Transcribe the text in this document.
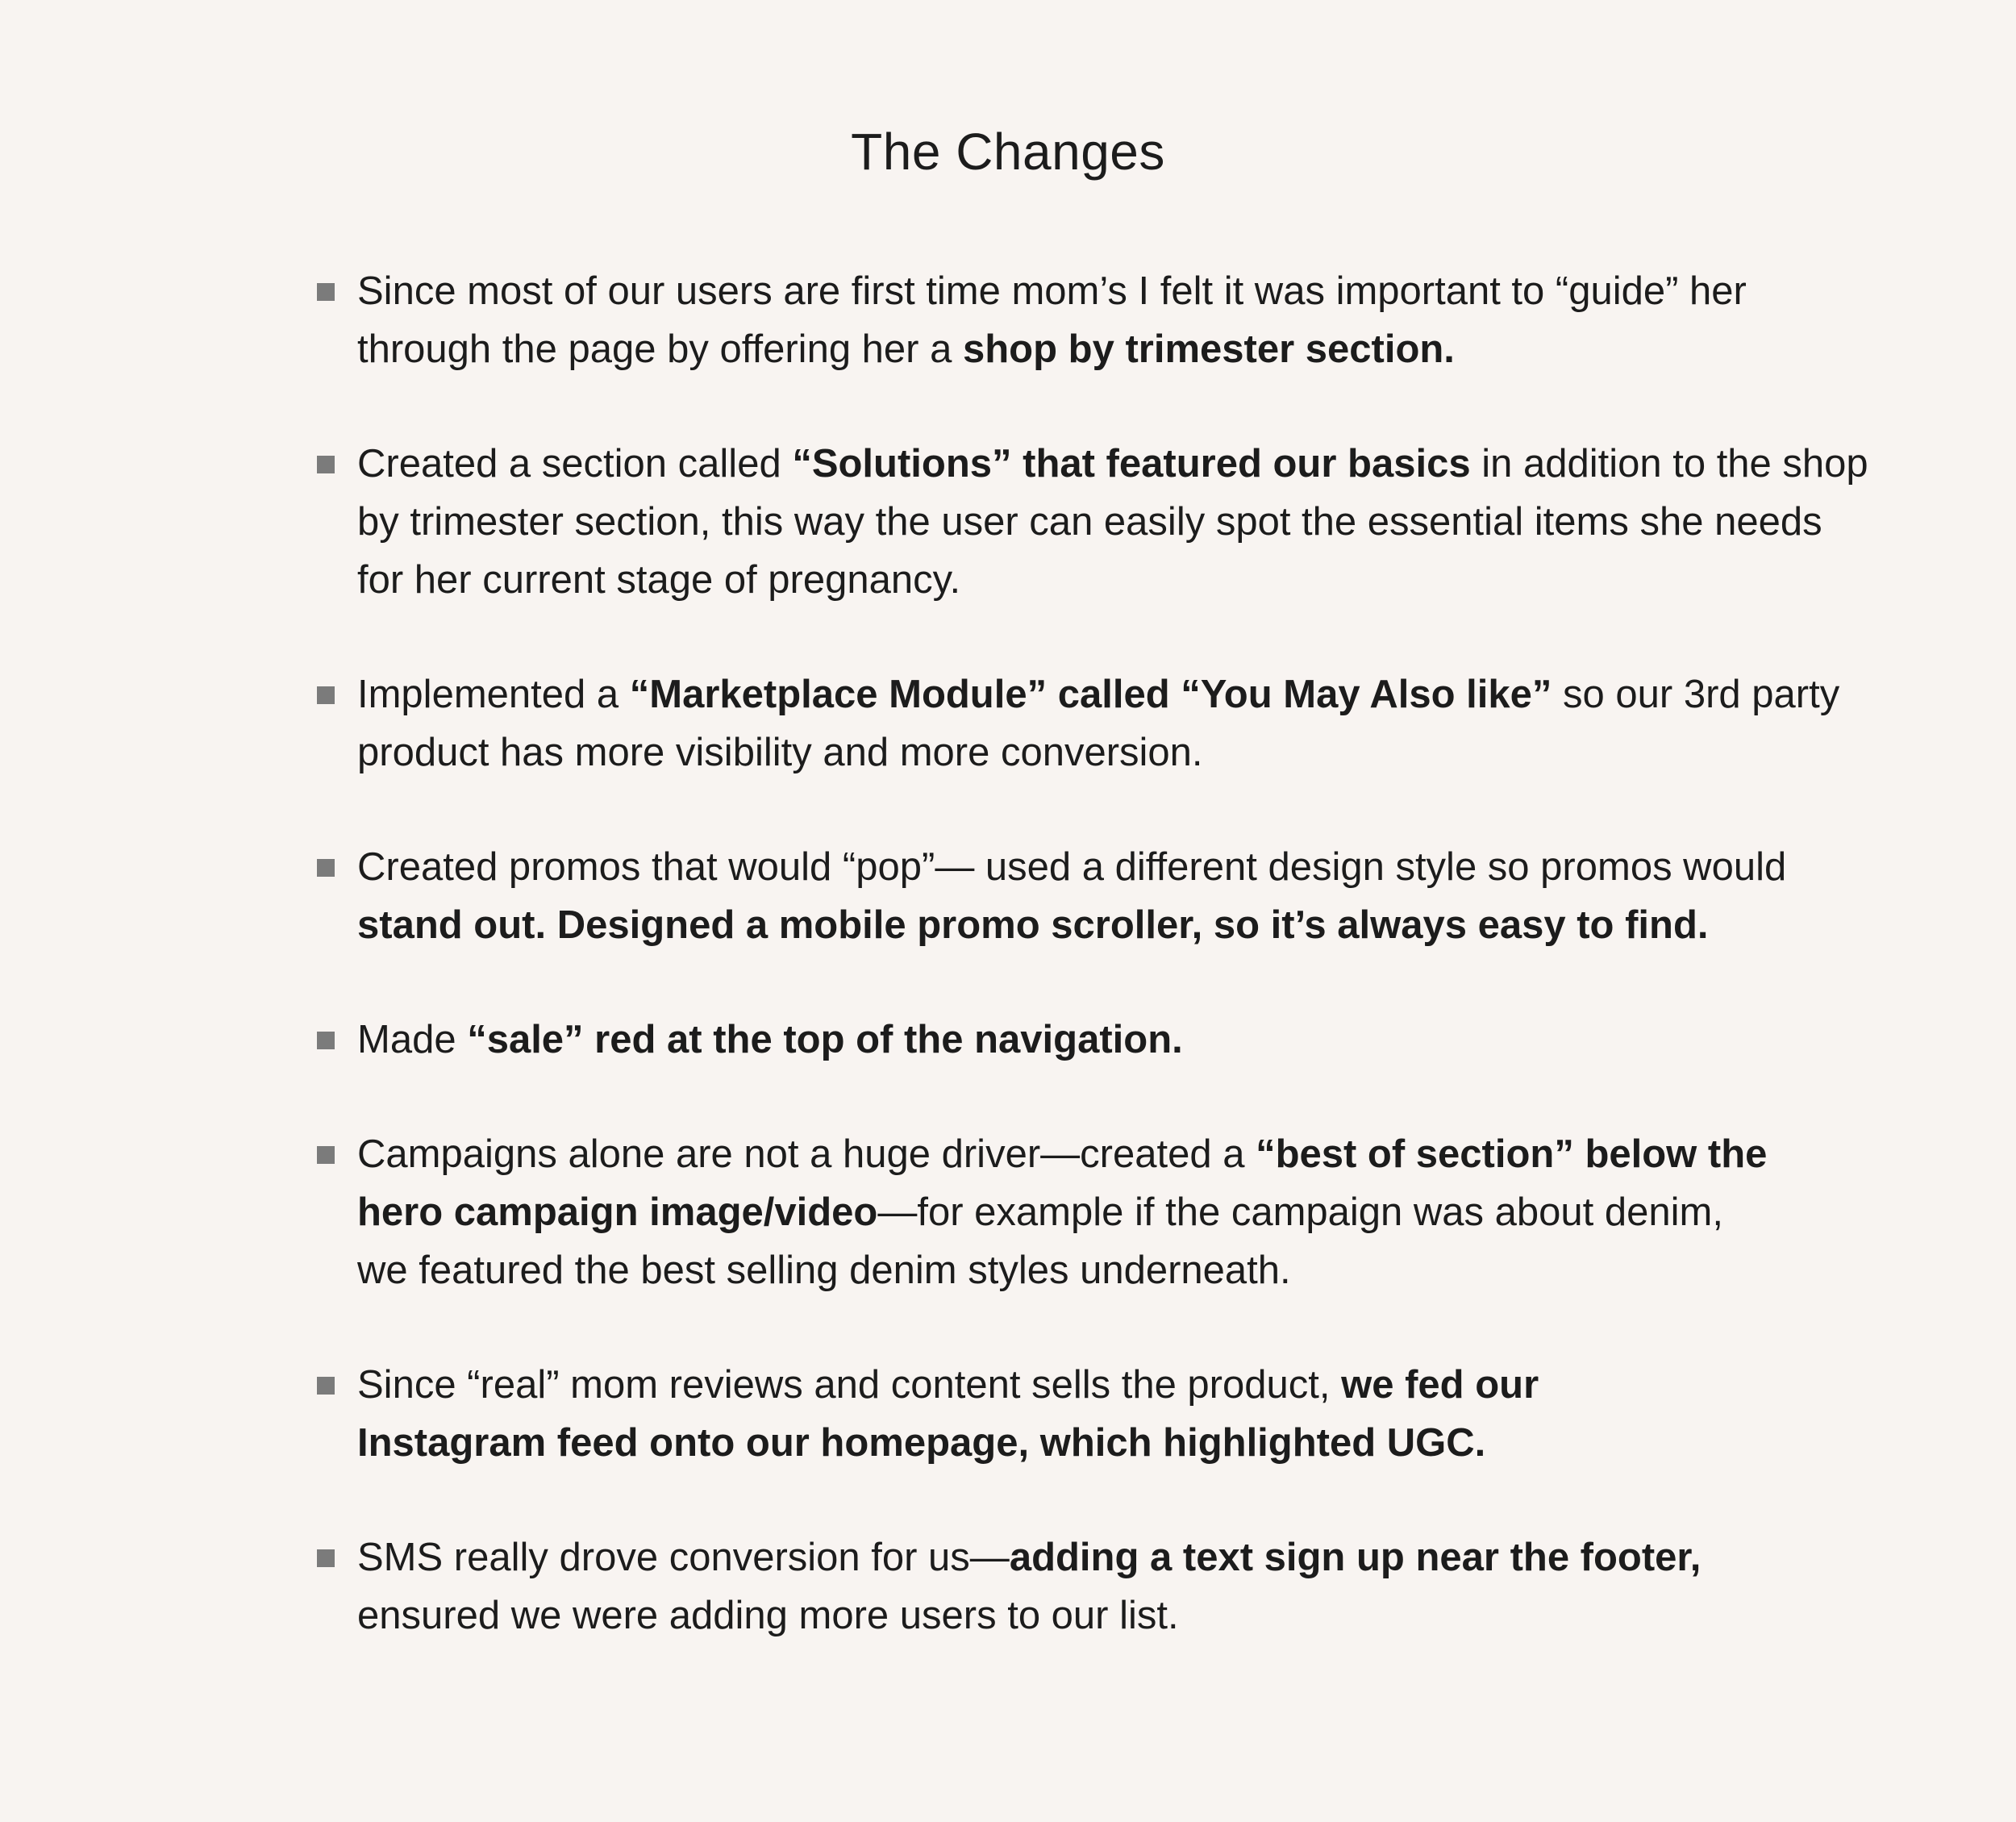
The Changes
Since most of our users are first time mom’s I felt it was important to “guide” her
through the page by offering her a shop by trimester section.
Created a section called “Solutions” that featured our basics in addition to the shop
by trimester section, this way the user can easily spot the essential items she needs
for her current stage of pregnancy.
Implemented a “Marketplace Module” called “You May Also like” so our 3rd party
product has more visibility and more conversion.
Created promos that would “pop”— used a different design style so promos would
stand out. Designed a mobile promo scroller, so it’s always easy to find.
Made “sale” red at the top of the navigation.
Campaigns alone are not a huge driver—created a “best of section” below the
hero campaign image/video—for example if the campaign was about denim,
we featured the best selling denim styles underneath.
Since “real” mom reviews and content sells the product, we fed our
Instagram feed onto our homepage, which highlighted UGC.
SMS really drove conversion for us—adding a text sign up near the footer,
ensured we were adding more users to our list.
